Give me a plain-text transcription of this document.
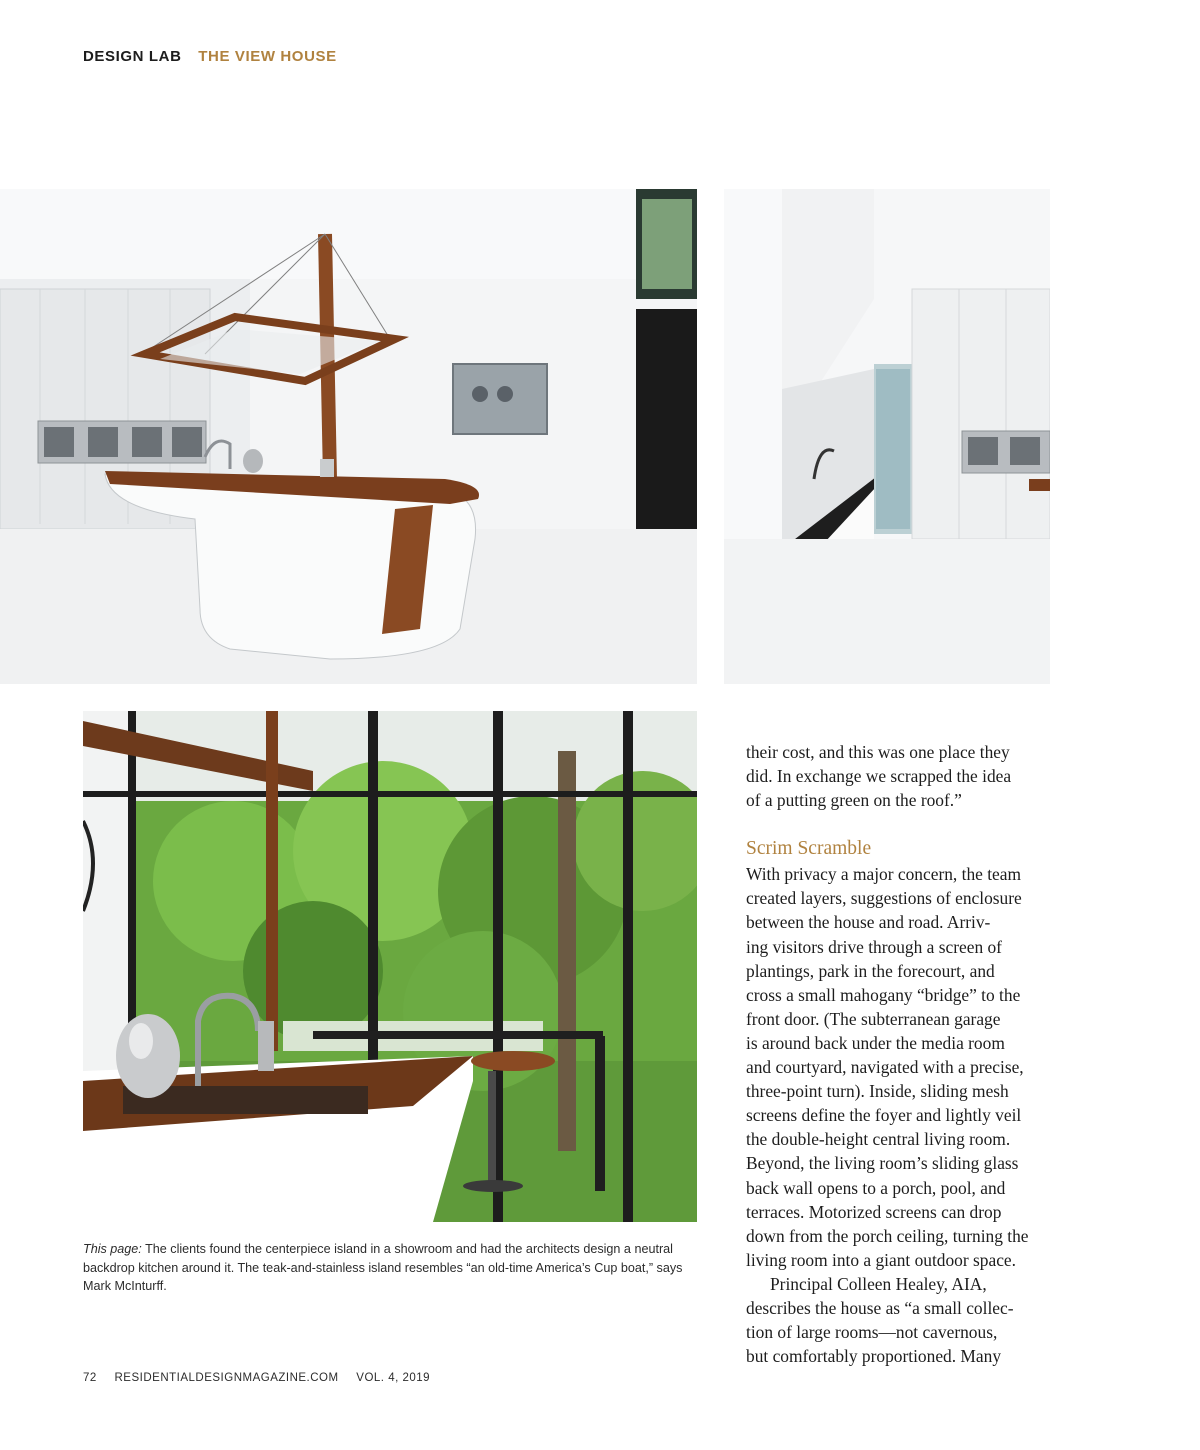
DESIGN LAB THE VIEW HOUSE
This page: The clients found the centerpiece island in a showroom and had the architects design a neutral backdrop kitchen around it. The teak-and-stainless island resembles “an old-time America’s Cup boat,” says Mark McInturff.

their cost, and this was one place they
did. In exchange we scrapped the idea
of a putting green on the roof.”

Scrim Scramble

With privacy a major concern, the team
created layers, suggestions of enclosure
between the house and road. Arriv-
ing visitors drive through a screen of
plantings, park in the forecourt, and
cross a small mahogany “bridge” to the
front door. (The subterranean garage
is around back under the media room
and courtyard, navigated with a precise,
three-point turn). Inside, sliding mesh
screens define the foyer and lightly veil
the double-height central living room.
Beyond, the living room’s sliding glass
back wall opens to a porch, pool, and
terraces. Motorized screens can drop
down from the porch ceiling, turning the
living room into a giant outdoor space.

Principal Colleen Healey, AIA,
describes the house as “a small collec-
tion of large rooms—not cavernous,
but comfortably proportioned. Many

72 RESIDENTIALDESIGNMAGAZINE.COM VOL. 4, 2019
